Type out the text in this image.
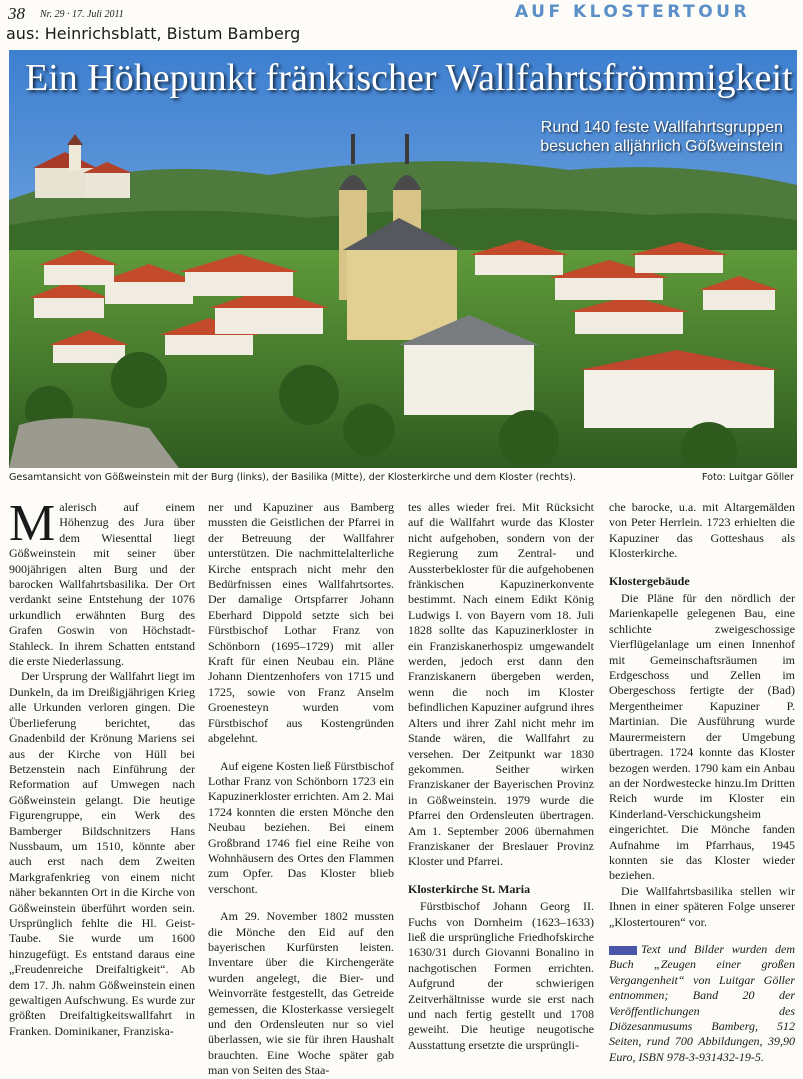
38 Nr. 29 · 17. Juli 2011
aus: Heinrichsblatt, Bistum Bamberg
AUF KLOSTERTOUR
Ein Höhepunkt fränkischer Wallfahrtsfrömmigkeit
Rund 140 feste Wallfahrtsgruppen
besuchen alljährlich Gößweinstein
Gesamtansicht von Gößweinstein mit der Burg (links), der Basilika (Mitte), der Klosterkirche und dem Kloster (rechts).	Foto: Luitgar Göller

Malerisch auf einem Höhenzug des Jura über dem Wiesenttal liegt Gößweinstein mit seiner über 900jährigen alten Burg und der barocken Wallfahrtsbasilika. Der Ort verdankt seine Entstehung der 1076 urkundlich erwähnten Burg des Grafen Goswin von Höchstadt-Stahleck. In ihrem Schatten entstand die erste Niederlassung.

Der Ursprung der Wallfahrt liegt im Dunkeln, da im Dreißigjährigen Krieg alle Urkunden verloren gingen. Die Überlieferung berichtet, das Gnadenbild der Krönung Mariens sei aus der Kirche von Hüll bei Betzenstein nach Einführung der Reformation auf Umwegen nach Gößweinstein gelangt. Die heutige Figurengruppe, ein Werk des Bamberger Bildschnitzers Hans Nussbaum, um 1510, könnte aber auch erst nach dem Zweiten Markgrafenkrieg von einem nicht näher bekannten Ort in die Kirche von Gößweinstein überführt worden sein. Ursprünglich fehlte die Hl. Geist-Taube. Sie wurde um 1600 hinzugefügt. Es entstand daraus eine „Freudenreiche Dreifaltigkeit“. Ab dem 17. Jh. nahm Gößweinstein einen gewaltigen Aufschwung. Es wurde zur größten Dreifaltigkeitswallfahrt in Franken. Dominikaner, Franziska-

ner und Kapuziner aus Bamberg mussten die Geistlichen der Pfarrei in der Betreuung der Wallfahrer unterstützen. Die nachmittelalterliche Kirche entsprach nicht mehr den Bedürfnissen eines Wallfahrtsortes. Der damalige Ortspfarrer Johann Eberhard Dippold setzte sich bei Fürstbischof Lothar Franz von Schönborn (1695–1729) mit aller Kraft für einen Neubau ein. Pläne Johann Dientzenhofers von 1715 und 1725, sowie von Franz Anselm Groenesteyn wurden vom Fürstbischof aus Kostengründen abgelehnt.

Auf eigene Kosten ließ Fürstbischof Lothar Franz von Schönborn 1723 ein Kapuzinerkloster errichten. Am 2. Mai 1724 konnten die ersten Mönche den Neubau beziehen. Bei einem Großbrand 1746 fiel eine Reihe von Wohnhäusern des Ortes den Flammen zum Opfer. Das Kloster blieb verschont.

Am 29. November 1802 mussten die Mönche den Eid auf den bayerischen Kurfürsten leisten. Inventare über die Kirchengeräte wurden angelegt, die Bier- und Weinvorräte festgestellt, das Getreide gemessen, die Klosterkasse versiegelt und den Ordensleuten nur so viel überlassen, wie sie für ihren Haushalt brauchten. Eine Woche später gab man von Seiten des Staa-

tes alles wieder frei. Mit Rücksicht auf die Wallfahrt wurde das Kloster nicht aufgehoben, sondern von der Regierung zum Zentral- und Aussterbekloster für die aufgehobenen fränkischen Kapuzinerkonvente bestimmt. Nach einem Edikt König Ludwigs I. von Bayern vom 18. Juli 1828 sollte das Kapuzinerkloster in ein Franziskanerhospiz umgewandelt werden, jedoch erst dann den Franziskanern übergeben werden, wenn die noch im Kloster befindlichen Kapuziner aufgrund ihres Alters und ihrer Zahl nicht mehr im Stande wären, die Wallfahrt zu versehen. Der Zeitpunkt war 1830 gekommen. Seither wirken Franziskaner der Bayerischen Provinz in Gößweinstein. 1979 wurde die Pfarrei den Ordensleuten übertragen. Am 1. September 2006 übernahmen Franziskaner der Breslauer Provinz Kloster und Pfarrei.

Klosterkirche St. Maria

Fürstbischof Johann Georg II. Fuchs von Dornheim (1623–1633) ließ die ursprüngliche Friedhofskirche 1630/31 durch Giovanni Bonalino in nachgotischen Formen errichten. Aufgrund der schwierigen Zeitverhältnisse wurde sie erst nach und nach fertig gestellt und 1708 geweiht. Die heutige neugotische Ausstattung ersetzte die ursprüngli-

che barocke, u.a. mit Altargemälden von Peter Herrlein. 1723 erhielten die Kapuziner das Gotteshaus als Klosterkirche.

Klostergebäude

Die Pläne für den nördlich der Marienkapelle gelegenen Bau, eine schlichte zweigeschossige Vierflügelanlage um einen Innenhof mit Gemeinschaftsräumen im Erdgeschoss und Zellen im Obergeschoss fertigte der (Bad) Mergentheimer Kapuziner P. Martinian. Die Ausführung wurde Maurermeistern der Umgebung übertragen. 1724 konnte das Kloster bezogen werden. 1790 kam ein Anbau an der Nordwestecke hinzu.Im Dritten Reich wurde im Kloster ein Kinderland-Verschickungsheim eingerichtet. Die Mönche fanden Aufnahme im Pfarrhaus, 1945 konnten sie das Kloster wieder beziehen.

Die Wallfahrtsbasilika stellen wir Ihnen in einer späteren Folge unserer „Klostertouren“ vor.

Text und Bilder wurden dem Buch „Zeugen einer großen Vergangenheit“ von Luitgar Göller entnommen; Band 20 der Veröffentlichungen des Diözesanmusums Bamberg, 512 Seiten, rund 700 Abbildungen, 39,90 Euro, ISBN 978-3-931432-19-5.
